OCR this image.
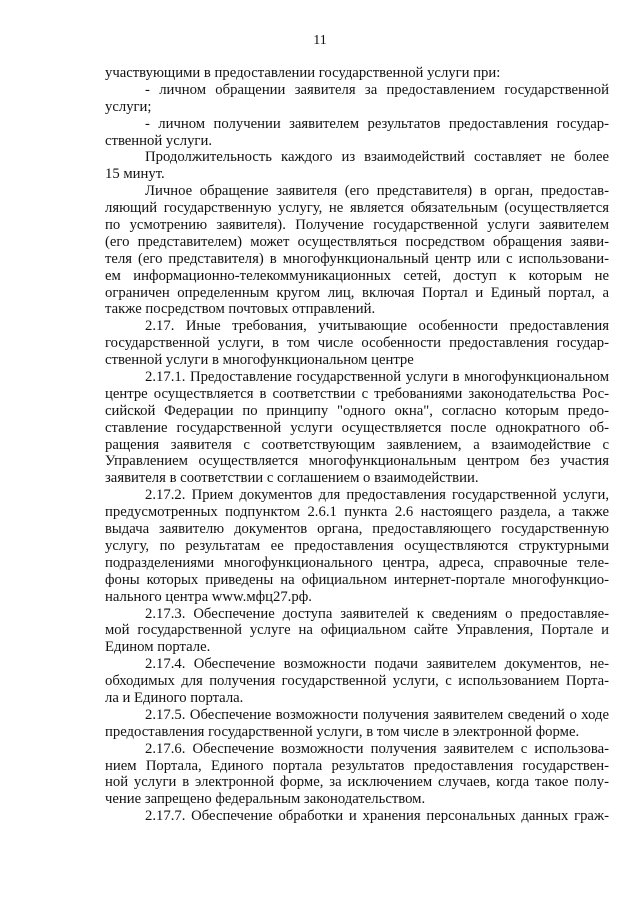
11
участвующими в предоставлении государственной услуги при:
- личном обращении заявителя за предоставлением государственной
услуги;
- личном получении заявителем результатов предоставления госудаp-
ственной услуги.
Продолжительность каждого из взаимодействий составляет не более
15 минут.
Личное обращение заявителя (его представителя) в орган, предостав-
ляющий государственную услугу, не является обязательным (осуществляется
по усмотрению заявителя). Получение государственной услуги заявителем
(его представителем) может осуществляться посредством обращения заяви-
теля (его представителя) в многофункциональный центр или с использовани-
ем информационно-телекоммуникационных сетей, доступ к которым не
ограничен определенным кругом лиц, включая Портал и Единый портал, а
также посредством почтовых отправлений.
2.17. Иные требования, учитывающие особенности предоставления
государственной услуги, в том числе особенности предоставления госудаp-
ственной услуги в многофункциональном центре
2.17.1. Предоставление государственной услуги в многофункциональном
центре осуществляется в соответствии с требованиями законодательства Рос-
сийской Федерации по принципу "одного окна", согласно которым предо-
ставление государственной услуги осуществляется после однократного об-
ращения заявителя с соответствующим заявлением, а взаимодействие с
Управлением осуществляется многофункциональным центром без участия
заявителя в соответствии с соглашением о взаимодействии.
2.17.2. Прием документов для предоставления государственной услуги,
предусмотренных подпунктом 2.6.1 пункта 2.6 настоящего раздела, а также
выдача заявителю документов органа, предоставляющего государственную
услугу, по результатам ее предоставления осуществляются структурными
подразделениями многофункционального центра, адреса, справочные теле-
фоны которых приведены на официальном интернет-портале многофункцио-
нального центра www.мфц27.рф.
2.17.3. Обеспечение доступа заявителей к сведениям о предоставляе-
мой государственной услуге на официальном сайте Управления, Портале и
Едином портале.
2.17.4. Обеспечение возможности подачи заявителем документов, не-
обходимых для получения государственной услуги, с использованием Порта-
ла и Единого портала.
2.17.5. Обеспечение возможности получения заявителем сведений о ходе
предоставления государственной услуги, в том числе в электронной форме.
2.17.6. Обеспечение возможности получения заявителем с использова-
нием Портала, Единого портала результатов предоставления государствен-
ной услуги в электронной форме, за исключением случаев, когда такое полу-
чение запрещено федеральным законодательством.
2.17.7. Обеспечение обработки и хранения персональных данных граж-
